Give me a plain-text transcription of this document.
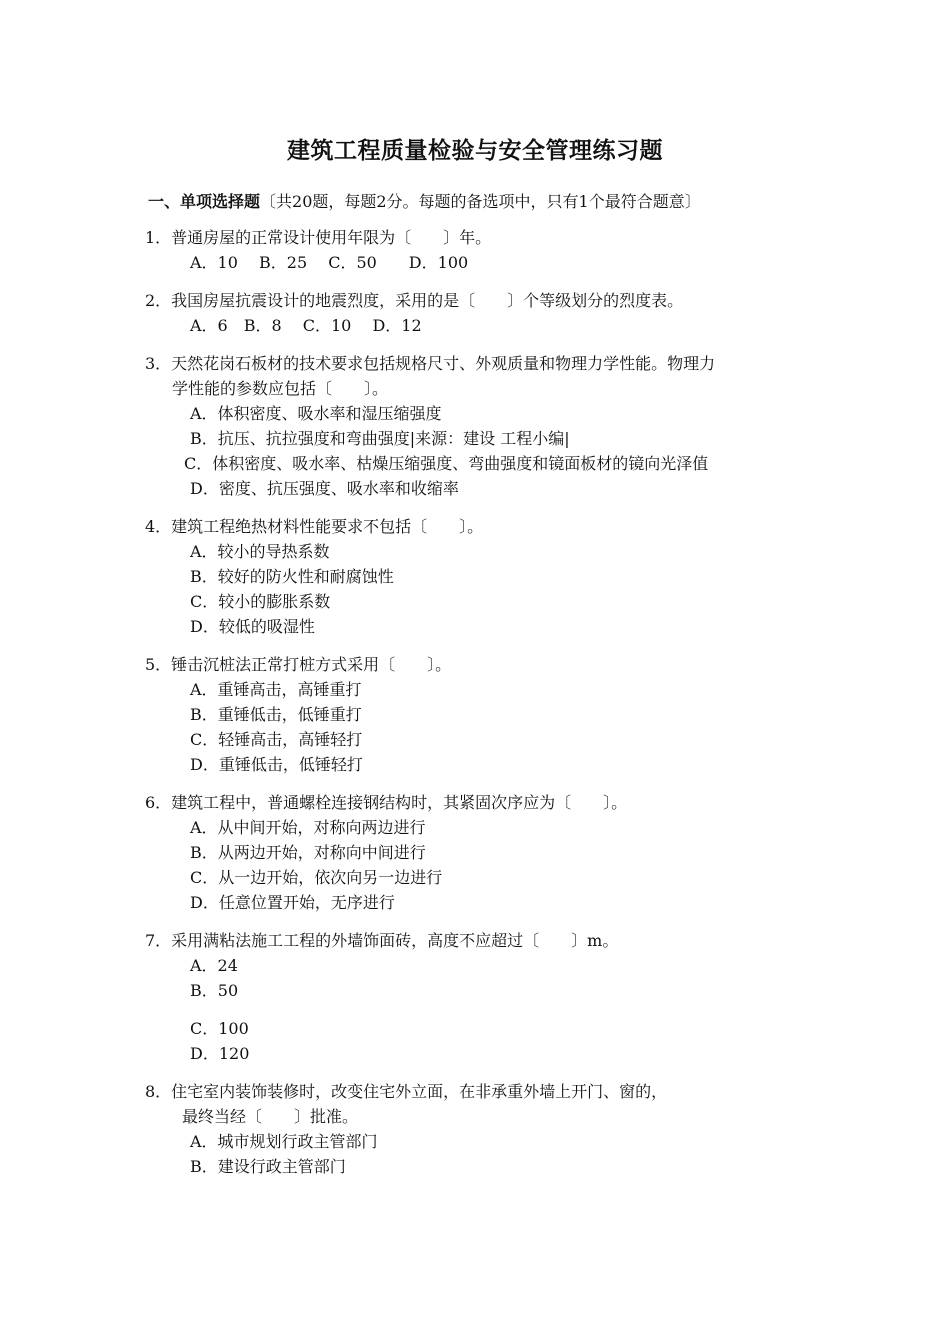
建筑工程质量检验与安全管理练习题
一、单项选择题〔共20题，每题2分。每题的备选项中，只有1个最符合题意〕
1．普通房屋的正常设计使用年限为〔　　〕年。
A．10　 B．25　 C．50　　D．100
2．我国房屋抗震设计的地震烈度，采用的是〔　　〕个等级划分的烈度表。
A．6　B．8　 C．10　 D．12
3．天然花岗石板材的技术要求包括规格尺寸、外观质量和物理力学性能。物理力
学性能的参数应包括〔　　〕。
A．体积密度、吸水率和湿压缩强度
B．抗压、抗拉强度和弯曲强度|来源：建设 工程小编|
C．体积密度、吸水率、枯燥压缩强度、弯曲强度和镜面板材的镜向光泽值
D．密度、抗压强度、吸水率和收缩率
4．建筑工程绝热材料性能要求不包括〔　　〕。
A．较小的导热系数
B．较好的防火性和耐腐蚀性
C．较小的膨胀系数
D．较低的吸湿性
5．锤击沉桩法正常打桩方式采用〔　　〕。
A．重锤高击，高锤重打
B．重锤低击，低锤重打
C．轻锤高击，高锤轻打
D．重锤低击，低锤轻打
6．建筑工程中，普通螺栓连接钢结构时，其紧固次序应为〔　　〕。
A．从中间开始，对称向两边进行
B．从两边开始，对称向中间进行
C．从一边开始，依次向另一边进行
D．任意位置开始，无序进行
7．采用满粘法施工工程的外墙饰面砖，高度不应超过〔　　〕m。
A．24
B．50
C．100
D．120
8．住宅室内装饰装修时，改变住宅外立面，在非承重外墙上开门、窗的，
最终当经〔　　〕批准。
A．城市规划行政主管部门
B．建设行政主管部门
